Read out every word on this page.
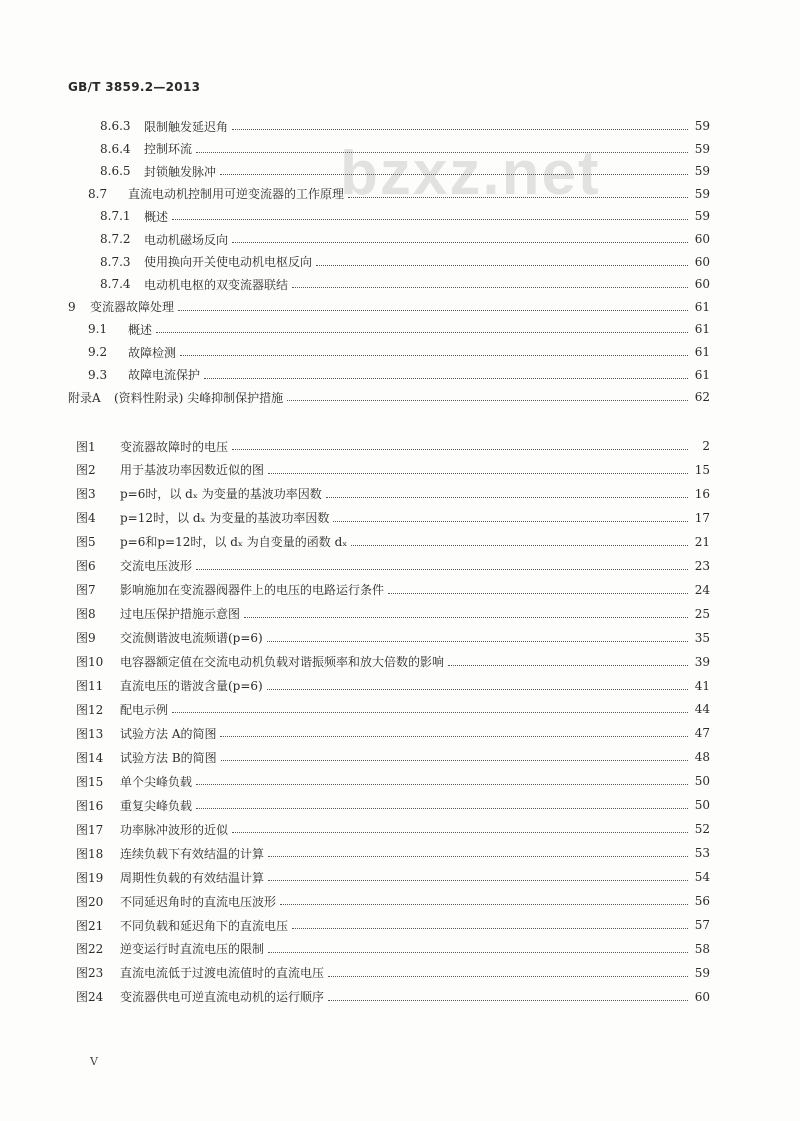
GB/T 3859.2—2013
bzxz.net
8.6.3	限制触发延迟角	59
8.6.4	控制环流	59
8.6.5	封锁触发脉冲	59
8.7	直流电动机控制用可逆变流器的工作原理	59
8.7.1	概述	59
8.7.2	电动机磁场反向	60
8.7.3	使用换向开关使电动机电枢反向	60
8.7.4	电动机电枢的双变流器联结	60
9	变流器故障处理	61
9.1	概述	61
9.2	故障检测	61
9.3	故障电流保护	61
附录A	(资料性附录) 尖峰抑制保护措施	62
图1	变流器故障时的电压	2
图2	用于基波功率因数近似的图	15
图3	p=6时，以 dₓ 为变量的基波功率因数	16
图4	p=12时，以 dₓ 为变量的基波功率因数	17
图5	p=6和p=12时，以 dₓ 为自变量的函数 dₓ	21
图6	交流电压波形	23
图7	影响施加在变流器阀器件上的电压的电路运行条件	24
图8	过电压保护措施示意图	25
图9	交流侧谐波电流频谱(p=6)	35
图10	电容器额定值在交流电动机负载对谐振频率和放大倍数的影响	39
图11	直流电压的谐波含量(p=6)	41
图12	配电示例	44
图13	试验方法 A的简图	47
图14	试验方法 B的简图	48
图15	单个尖峰负载	50
图16	重复尖峰负载	50
图17	功率脉冲波形的近似	52
图18	连续负载下有效结温的计算	53
图19	周期性负载的有效结温计算	54
图20	不同延迟角时的直流电压波形	56
图21	不同负载和延迟角下的直流电压	57
图22	逆变运行时直流电压的限制	58
图23	直流电流低于过渡电流值时的直流电压	59
图24	变流器供电可逆直流电动机的运行顺序	60
V
